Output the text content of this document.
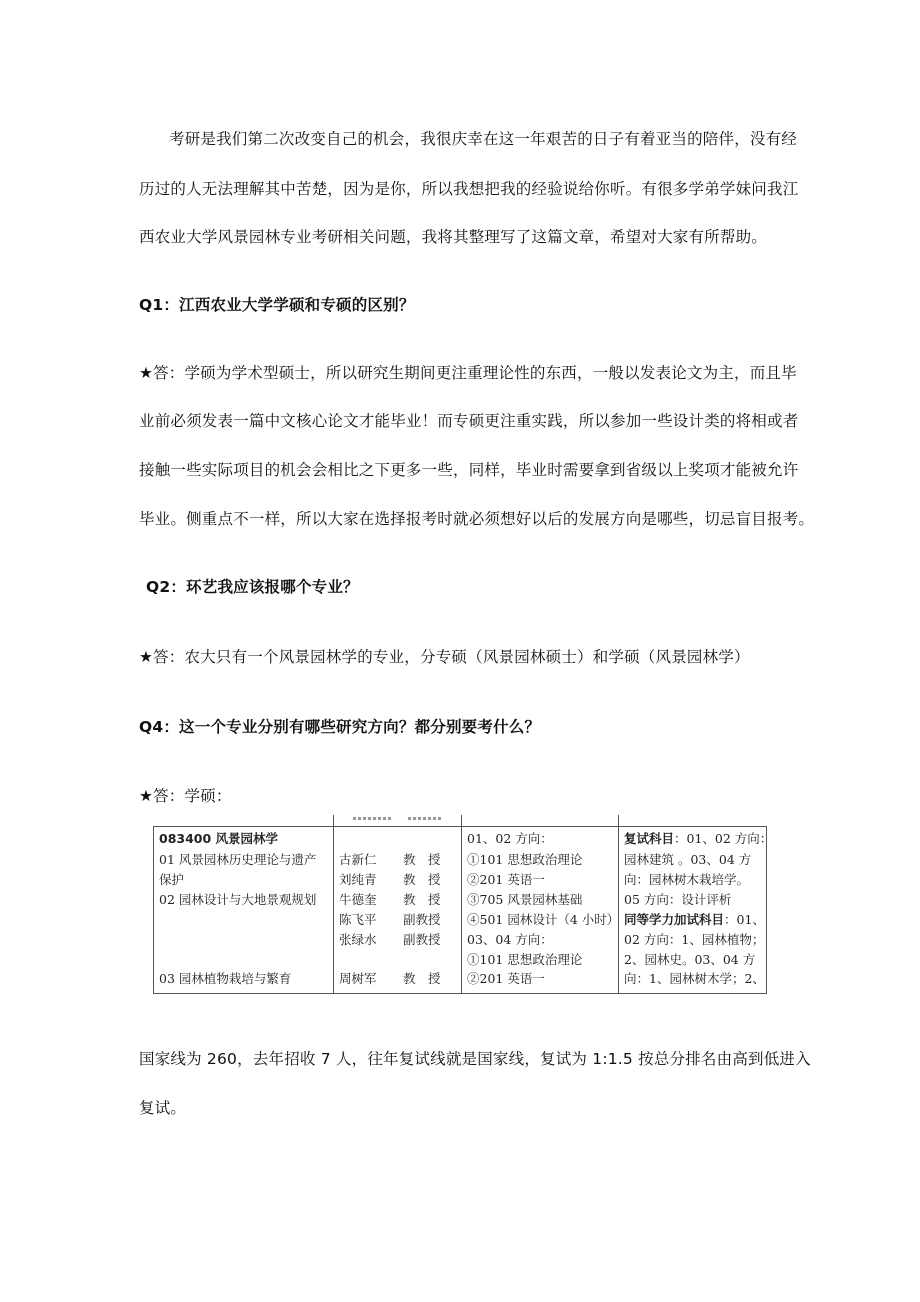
考研是我们第二次改变自己的机会，我很庆幸在这一年艰苦的日子有着亚当的陪伴，没有经
历过的人无法理解其中苦楚，因为是你，所以我想把我的经验说给你听。有很多学弟学妹问我江
西农业大学风景园林专业考研相关问题，我将其整理写了这篇文章，希望对大家有所帮助。
Q1：江西农业大学学硕和专硕的区别？
★答：学硕为学术型硕士，所以研究生期间更注重理论性的东西，一般以发表论文为主，而且毕
业前必须发表一篇中文核心论文才能毕业！而专硕更注重实践，所以参加一些设计类的将相或者
接触一些实际项目的机会会相比之下更多一些，同样，毕业时需要拿到省级以上奖项才能被允许
毕业。侧重点不一样，所以大家在选择报考时就必须想好以后的发展方向是哪些，切忌盲目报考。
Q2：环艺我应该报哪个专业？
★答：农大只有一个风景园林学的专业，分专硕（风景园林硕士）和学硕（风景园林学）
Q4：这一个专业分别有哪些研究方向？都分别要考什么？
★答：学硕：
083400 风景园林学
01 风景园林历史理论与遗产
保护
02 园林设计与大地景观规划
03 园林植物栽培与繁育
古新仁 教　授
刘纯青 教　授
牛德奎 教　授
陈飞平 副教授
张绿水 副教授
周树军 教　授
01、02 方向：
①101 思想政治理论
②201 英语一
③705 风景园林基础
④501 园林设计（4 小时）
03、04 方向：
①101 思想政治理论
②201 英语一
复试科目：01、02 方向：
园林建筑 。03、04 方
向：园林树木栽培学。
05 方向：设计评析
同等学力加试科目：01、
02 方向：1、园林植物；
2、园林史。03、04 方
向：1、园林树木学；2、
国家线为 260，去年招收 7 人，往年复试线就是国家线，复试为 1:1.5 按总分排名由高到低进入
复试。
